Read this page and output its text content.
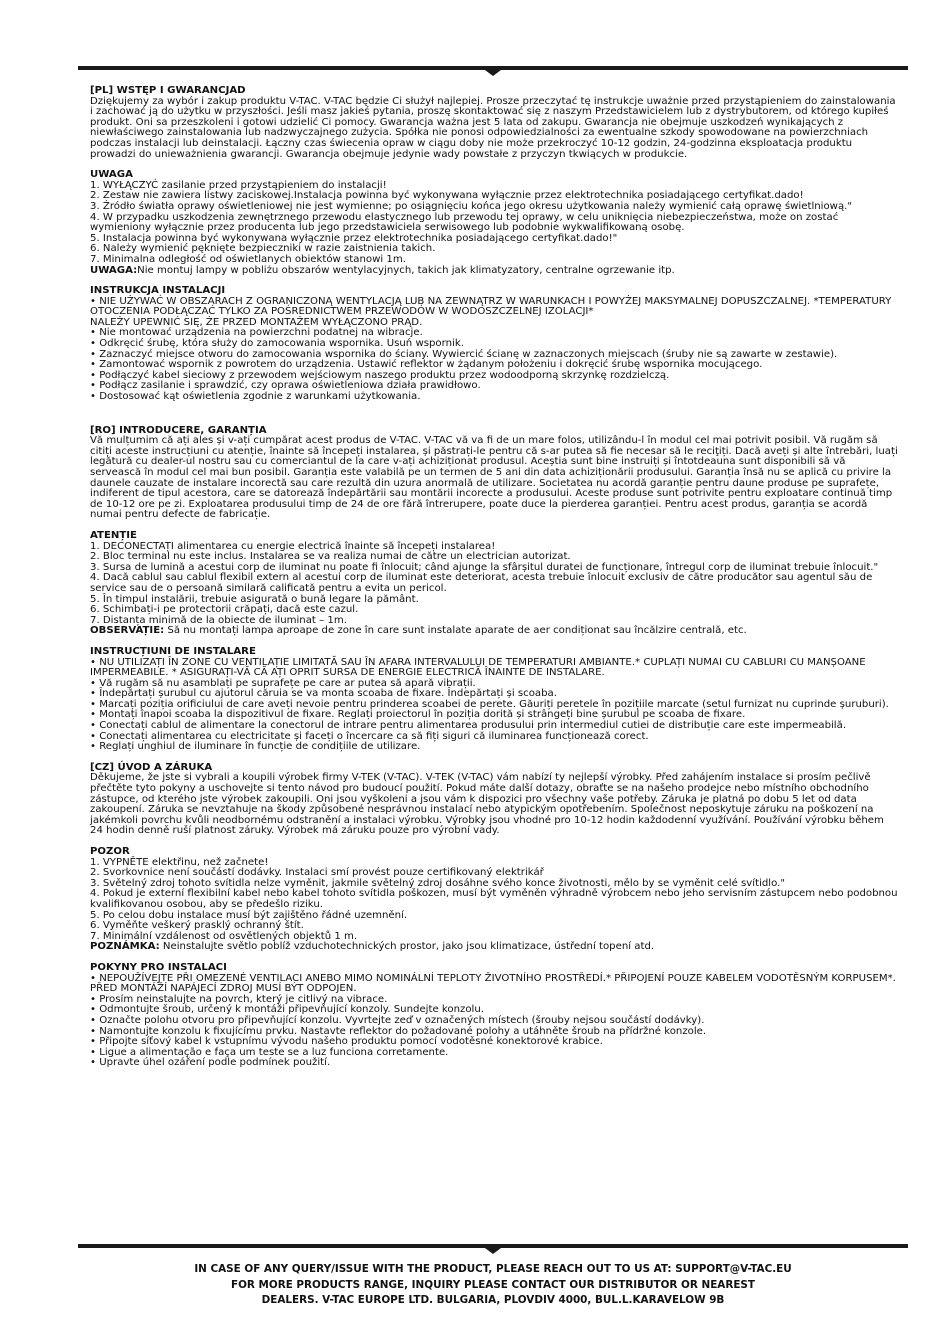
[PL] WSTĘP I GWARANCJAD

Dziękujemy za wybór i zakup produktu V-TAC. V-TAC będzie Ci służył najlepiej. Prosze przeczytać tę instrukcje uważnie przed przystąpieniem do zainstalowania i zachować ją do użytku w przyszłości. Jeśli masz jakieś pytania, proszę skontaktować się z naszym Przedstawicielem lub z dystrybutorem, od którego kupiłeś produkt. Oni sa przeszkoleni i gotowi udzielić Ci pomocy. Gwarancja ważna jest 5 lata od zakupu. Gwarancja nie obejmuje uszkodzeń wynikających z niewłaściwego zainstalowania lub nadzwyczajnego zużycia. Spółka nie ponosi odpowiedzialności za ewentualne szkody spowodowane na powierzchniach podczas instalacji lub deinstalacji. Łączny czas świecenia opraw w ciągu doby nie może przekroczyć 10-12 godzin, 24-godzinna eksploatacja produktu prowadzi do unieważnienia gwarancji. Gwarancja obejmuje jedynie wady powstałe z przyczyn tkwiących w produkcie.

UWAGA
1. WYŁĄCZYĆ zasilanie przed przystąpieniem do instalacji!
2. Zestaw nie zawiera listwy zaciskowej.Instalacja powinna być wykonywana wyłącznie przez elektrotechnika posiadającego certyfikat.dado!
3. Źródło światła oprawy oświetleniowej nie jest wymienne; po osiągnięciu końca jego okresu użytkowania należy wymienić całą oprawę świetlniową."
4. W przypadku uszkodzenia zewnętrznego przewodu elastycznego lub przewodu tej oprawy, w celu uniknięcia niebezpieczeństwa, może on zostać wymieniony wyłącznie przez producenta lub jego przedstawiciela serwisowego lub podobnie wykwalifikowaną osobę.
5. Instalacja powinna być wykonywana wyłącznie przez elektrotechnika posiadającego certyfikat.dado!"
6. Należy wymienić pęknięte bezpieczniki w razie zaistnienia takich.
7. Minimalna odległość od oświetlanych obiektów stanowi 1m.
UWAGA:Nie montuj lampy w pobliżu obszarów wentylacyjnych, takich jak klimatyzatory, centralne ogrzewanie itp.
INSTRUKCJA INSTALACJI
• NIE UŻYWAĆ W OBSZARACH Z OGRANICZONĄ WENTYLACJĄ LUB NA ZEWNĄTRZ W WARUNKACH I POWYŻEJ MAKSYMALNEJ DOPUSZCZALNEJ. *TEMPERATURY OTOCZENIA PODŁĄCZAĆ TYLKO ZA POŚREDNICTWEM PRZEWODÓW W WODOSZCZELNEJ IZOLACJI*
NALEŻY UPEWNIĆ SIĘ, ŻE PRZED MONTAŻEM WYŁĄCZONO PRĄD.
• Nie montować urządzenia na powierzchni podatnej na wibracje.
• Odkręcić śrubę, która służy do zamocowania wspornika. Usuń wspornik.
• Zaznaczyć miejsce otworu do zamocowania wspornika do ściany. Wywiercić ścianę w zaznaczonych miejscach (śruby nie są zawarte w zestawie).
• Zamontować wspornik z powrotem do urządzenia. Ustawić reflektor w żądanym położeniu i dokręcić śrubę wspornika mocującego.
• Podłączyć kabel sieciowy z przewodem wejściowym naszego produktu przez wodoodporną skrzynkę rozdzielczą.
• Podłącz zasilanie i sprawdzić, czy oprawa oświetleniowa działa prawidłowo.
• Dostosować kąt oświetlenia zgodnie z warunkami użytkowania.
[RO] INTRODUCERE, GARANȚIA

Vă mulțumim că ați ales și v-ați cumpărat acest produs de V-TAC. V-TAC vă va fi de un mare folos, utilizându-l în modul cel mai potrivit posibil. Vă rugăm să citiți aceste instrucțiuni cu atenție, înainte să începeți instalarea, și păstrați-le pentru că s-ar putea să fie necesar să le reciţiți. Dacă aveți și alte întrebări, luați legătură cu dealer-ul nostru sau cu comerciantul de la care v-ați achiziționat produsul. Aceștia sunt bine instruiți și întotdeauna sunt disponibili să vă servească în modul cel mai bun posibil. Garanția este valabilă pe un termen de 5 ani din data achiziționării produsului. Garanția însă nu se aplică cu privire la daunele cauzate de instalare incorectă sau care rezultă din uzura anormală de utilizare. Societatea nu acordă garanție pentru daune produse pe suprafețe, indiferent de tipul acestora, care se datorează îndepărtării sau montării incorecte a produsului. Aceste produse sunt potrivite pentru exploatare continuă timp de 10-12 ore pe zi. Exploatarea produsului timp de 24 de ore fără întrerupere, poate duce la pierderea garanției. Pentru acest produs, garanția se acordă numai pentru defecte de fabricație.

ATENȚIE
1. DECONECTAȚI alimentarea cu energie electrică înainte să începeți instalarea!
2. Bloc terminal nu este inclus. Instalarea se va realiza numai de către un electrician autorizat.
3. Sursa de lumină a acestui corp de iluminat nu poate fi înlocuit; când ajunge la sfârșitul duratei de funcționare, întregul corp de iluminat trebuie înlocuit."
4. Dacă cablul sau cablul flexibil extern al acestui corp de iluminat este deteriorat, acesta trebuie înlocuit exclusiv de către producător sau agentul său de service sau de o persoană similară calificată pentru a evita un pericol.
5. În timpul instalării, trebuie asigurată o bună legare la pământ.
6. Schimbați-i pe protectorii crăpați, dacă este cazul.
7. Distanța minimă de la obiecte de iluminat – 1m.
OBSERVAȚIE: Să nu montați lampa aproape de zone în care sunt instalate aparate de aer condiționat sau încălzire centrală, etc.
INSTRUCȚIUNI DE INSTALARE
• NU UTILIZAȚI ÎN ZONE CU VENTILAȚIE LIMITATĂ SAU ÎN AFARA INTERVALULUI DE TEMPERATURI AMBIANTE.* CUPLAȚI NUMAI CU CABLURI CU MANȘOANE IMPERMEABILE. * ASIGURAȚI-VĂ CĂ AȚI OPRIT SURSA DE ENERGIE ELECTRICĂ ÎNAINTE DE INSTALARE.
• Vă rugăm să nu asamblați pe suprafețe pe care ar putea să apară vibrații.
• Îndepărtați șurubul cu ajutorul căruia se va monta scoaba de fixare. Îndepărtați și scoaba.
• Marcați poziția orificiului de care aveți nevoie pentru prinderea scoabei de perete. Găuriți peretele în pozițiile marcate (setul furnizat nu cuprinde șuruburi).
• Montați înapoi scoaba la dispozitivul de fixare. Reglați proiectorul în poziția dorită și strângeți bine șurubul pe scoaba de fixare.
• Conectați cablul de alimentare la conectorul de intrare pentru alimentarea produsului prin intermediul cutiei de distribuție care este impermeabilă.
• Conectați alimentarea cu electricitate și faceți o încercare ca să fiți siguri că iluminarea funcționează corect.
• Reglați unghiul de iluminare în funcție de condițiile de utilizare.
[CZ] ÚVOD A ZÁRUKA

Děkujeme, že jste si vybrali a koupili výrobek firmy V-TEK (V-TAC). V-TEK (V-TAC) vám nabízí ty nejlepší výrobky. Před zahájením instalace si prosím pečlivě přečtěte tyto pokyny a uschovejte si tento návod pro budoucí použití. Pokud máte další dotazy, obraťte se na našeho prodejce nebo místního obchodního zástupce, od kterého jste výrobek zakoupili. Oni jsou vyškoleni a jsou vám k dispozici pro všechny vaše potřeby. Záruka je platná po dobu 5 let od data zakoupení. Záruka se nevztahuje na škody způsobené nesprávnou instalací nebo atypickým opotřebením. Společnost neposkytuje záruku na poškození na jakémkoli povrchu kvůli neodbornému odstranění a instalaci výrobku. Výrobky jsou vhodné pro 10-12 hodin každodenní využívání. Používání výrobku během 24 hodin denně ruší platnost záruky. Výrobek má záruku pouze pro výrobní vady.

POZOR
1. VYPNĚTE elektřinu, než začnete!
2. Svorkovnice není součástí dodávky. Instalaci smí provést pouze certifikovaný elektrikář
3. Světelný zdroj tohoto svítidla nelze vyměnit, jakmile světelný zdroj dosáhne svého konce životnosti, mělo by se vyměnit celé svítidlo."
4. Pokud je externí flexibilní kabel nebo kabel tohoto svítidla poškozen, musí být vyměněn výhradně výrobcem nebo jeho servisním zástupcem nebo podobnou kvalifikovanou osobou, aby se předešlo riziku.
5. Po celou dobu instalace musí být zajištěno řádné uzemnění.
6. Vyměňte veškerý prasklý ochranný štít.
7. Minimální vzdálenost od osvětlených objektů 1 m.
POZNÁMKA: Neinstalujte světlo poblíž vzduchotechnických prostor, jako jsou klimatizace, ústřední topení atd.
POKYNY PRO INSTALACI
• NEPOUŽÍVEJTE PŘI OMEZENÉ VENTILACI ANEBO MIMO NOMINÁLNÍ TEPLOTY ŽIVOTNÍHO PROSTŘEDÍ.* PŘIPOJENÍ POUZE KABELEM VODOTĚSNÝM KORPUSEM*. PŘED MONTÁŽÍ NAPÁJECÍ ZDROJ MUSÍ BÝT ODPOJEN.
• Prosím neinstalujte na povrch, který je citlivý na vibrace.
• Odmontujte šroub, určený k montáži připevňující konzoly. Sundejte konzolu.
• Označte polohu otvoru pro připevňující konzolu. Vyvrtejte zeď v označených místech (šrouby nejsou součástí dodávky).
• Namontujte konzolu k fixujícímu prvku. Nastavte reflektor do požadované polohy a utáhněte šroub na přídržné konzole.
• Připojte síťový kabel k vstupnímu vývodu našeho produktu pomocí vodotěsné konektorové krabice.
• Ligue a alimentação e faça um teste se a luz funciona corretamente.
• Upravte úhel ozáření podle podmínek použití.
IN CASE OF ANY QUERY/ISSUE WITH THE PRODUCT, PLEASE REACH OUT TO US AT: SUPPORT@V-TAC.EU
FOR MORE PRODUCTS RANGE, INQUIRY PLEASE CONTACT OUR DISTRIBUTOR OR NEAREST
DEALERS. V-TAC EUROPE LTD. BULGARIA, PLOVDIV 4000, BUL.L.KARAVELOW 9B
